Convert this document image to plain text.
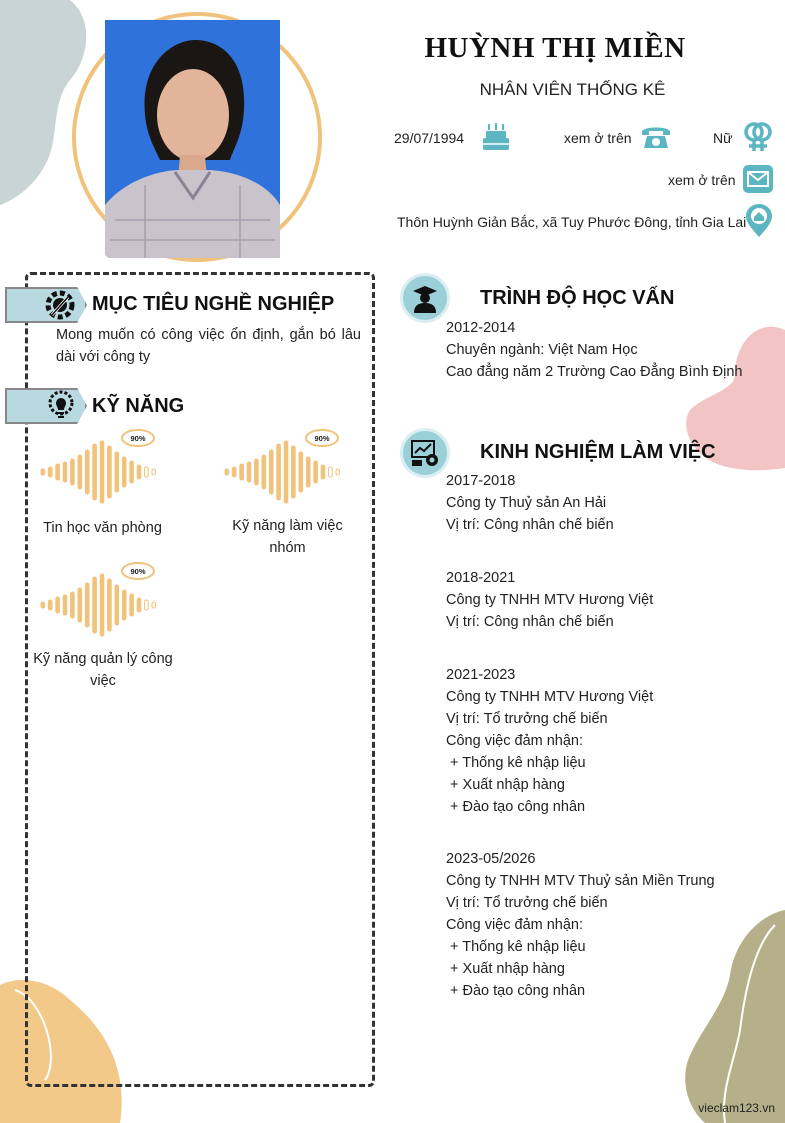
HUỲNH THỊ MIỀN
NHÂN VIÊN THỐNG KÊ
29/07/1994	xem ở trên	Nữ
xem ở trên
Thôn Huỳnh Giản Bắc, xã Tuy Phước Đông, tỉnh Gia Lai
MỤC TIÊU NGHỀ NGHIỆP
Mong muốn có công việc ổn định, gắn bó lâu
dài với công ty
KỸ NĂNG
90%
Tin học văn phòng
90%
Kỹ năng làm việc
nhóm
90%
Kỹ năng quản lý công
việc
TRÌNH ĐỘ HỌC VẤN
2012-2014
Chuyên ngành: Việt Nam Học
Cao đẳng năm 2 Trường Cao Đẳng Bình Định
KINH NGHIỆM LÀM VIỆC
2017-2018
Công ty Thuỷ sản An Hải
Vị trí: Công nhân chế biến
2018-2021
Công ty TNHH MTV Hương Việt
Vị trí: Công nhân chế biến
2021-2023
Công ty TNHH MTV Hương Việt
Vị trí: Tổ trưởng chế biến
Công việc đảm nhận:
+ Thống kê nhập liệu
+ Xuất nhập hàng
+ Đào tạo công nhân
2023-05/2026
Công ty TNHH MTV Thuỷ sản Miền Trung
Vị trí: Tổ trưởng chế biến
Công việc đảm nhận:
+ Thống kê nhập liệu
+ Xuất nhập hàng
+ Đào tạo công nhân
vieclam123.vn
